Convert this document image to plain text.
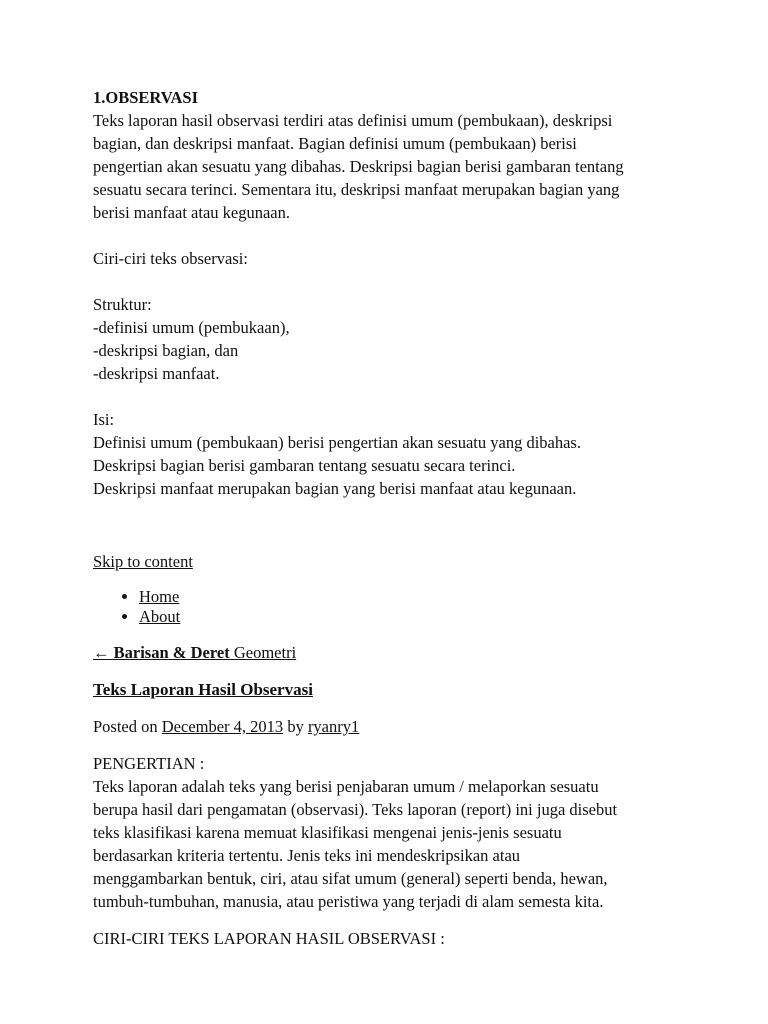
1.OBSERVASI

Teks laporan hasil observasi terdiri atas definisi umum (pembukaan), deskripsi

bagian, dan deskripsi manfaat. Bagian definisi umum (pembukaan) berisi

pengertian akan sesuatu yang dibahas. Deskripsi bagian berisi gambaran tentang

sesuatu secara terinci. Sementara itu, deskripsi manfaat merupakan bagian yang

berisi manfaat atau kegunaan.

Ciri-ciri teks observasi:

Struktur:

-definisi umum (pembukaan),

-deskripsi bagian, dan

-deskripsi manfaat.

Isi:

Definisi umum (pembukaan) berisi pengertian akan sesuatu yang dibahas.

Deskripsi bagian berisi gambaran tentang sesuatu secara terinci.

Deskripsi manfaat merupakan bagian yang berisi manfaat atau kegunaan.

Skip to content

• Home
• About

← Barisan & Deret Geometri

Teks Laporan Hasil Observasi

Posted on December 4, 2013 by ryanry1

PENGERTIAN :

Teks laporan adalah teks yang berisi penjabaran umum / melaporkan sesuatu

berupa hasil dari pengamatan (observasi). Teks laporan (report) ini juga disebut

teks klasifikasi karena memuat klasifikasi mengenai jenis-jenis sesuatu

berdasarkan kriteria tertentu. Jenis teks ini mendeskripsikan atau

menggambarkan bentuk, ciri, atau sifat umum (general) seperti benda, hewan,

tumbuh-tumbuhan, manusia, atau peristiwa yang terjadi di alam semesta kita.

CIRI-CIRI TEKS LAPORAN HASIL OBSERVASI :
